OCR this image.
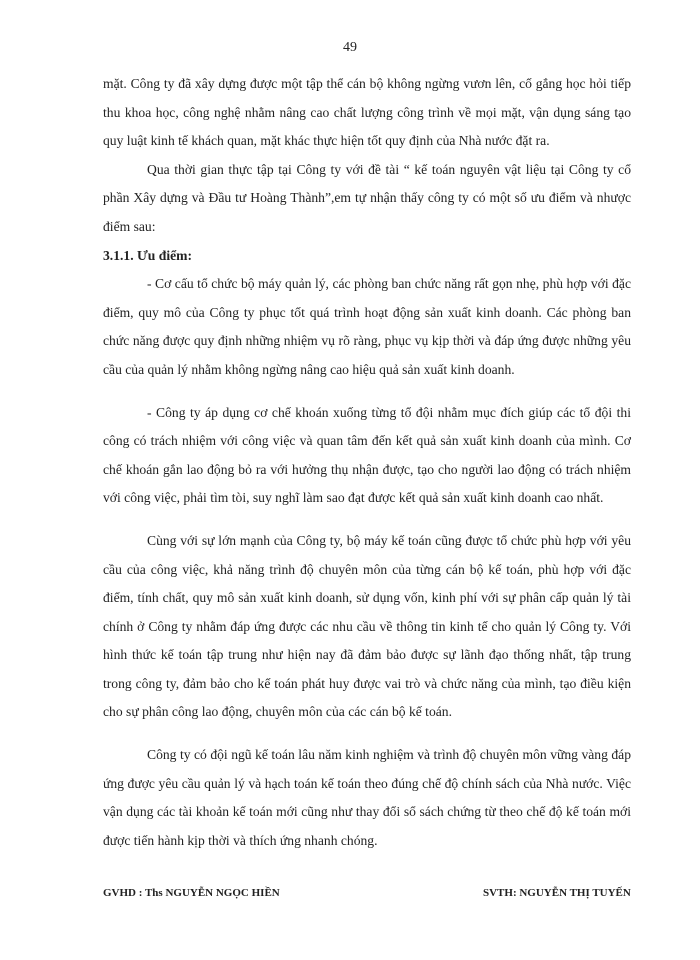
49

mặt. Công ty đã xây dựng được một tập thể cán bộ không ngừng vươn lên, cố gắng học hỏi tiếp thu khoa học, công nghệ nhằm nâng cao chất lượng công trình về mọi mặt, vận dụng sáng tạo quy luật kinh tế khách quan, mặt khác thực hiện tốt quy định của Nhà nước đặt ra.

Qua thời gian thực tập tại Công ty với đề tài “ kế toán nguyên vật liệu tại Công ty cổ phần Xây dựng và Đầu tư Hoàng Thành”,em tự nhận thấy công ty có một số ưu điểm và nhược điểm sau:

3.1.1. Ưu điểm:

- Cơ cấu tổ chức bộ máy quản lý, các phòng ban chức năng rất gọn nhẹ, phù hợp với đặc điểm, quy mô của Công ty phục tốt quá trình hoạt động sản xuất kinh doanh. Các phòng ban chức năng được quy định những nhiệm vụ rõ ràng, phục vụ kịp thời và đáp ứng được những yêu cầu của quản lý nhằm không ngừng nâng cao hiệu quả sản xuất kinh doanh.

- Công ty áp dụng cơ chế khoán xuống từng tổ đội nhằm mục đích giúp các tổ đội thi công có trách nhiệm với công việc và quan tâm đến kết quả sản xuất kinh doanh của mình. Cơ chế khoán gắn lao động bỏ ra với hưởng thụ nhận được, tạo cho người lao động có trách nhiệm với công việc, phải tìm tòi, suy nghĩ làm sao đạt được kết quả sản xuất kinh doanh cao nhất.

Cùng với sự lớn mạnh của Công ty, bộ máy kế toán cũng được tổ chức phù hợp với yêu cầu của công việc, khả năng trình độ chuyên môn của từng cán bộ kế toán, phù hợp với đặc điểm, tính chất, quy mô sản xuất kinh doanh, sử dụng vốn, kinh phí với sự phân cấp quản lý tài chính ở Công ty nhằm đáp ứng được các nhu cầu về thông tin kinh tế cho quản lý Công ty. Với hình thức kế toán tập trung như hiện nay đã đảm bảo được sự lãnh đạo thống nhất, tập trung trong công ty, đảm bảo cho kế toán phát huy được vai trò và chức năng của mình, tạo điều kiện cho sự phân công lao động, chuyên môn của các cán bộ kế toán.

Công ty có đội ngũ kế toán lâu năm kinh nghiệm và trình độ chuyên môn vững vàng đáp ứng được yêu cầu quản lý và hạch toán kế toán theo đúng chế độ chính sách của Nhà nước. Việc vận dụng các tài khoản kế toán mới cũng như thay đổi sổ sách chứng từ theo chế độ kế toán mới được tiến hành kịp thời và thích ứng nhanh chóng.

GVHD : Ths NGUYỄN NGỌC HIỀN	SVTH: NGUYỄN THỊ TUYẾN
